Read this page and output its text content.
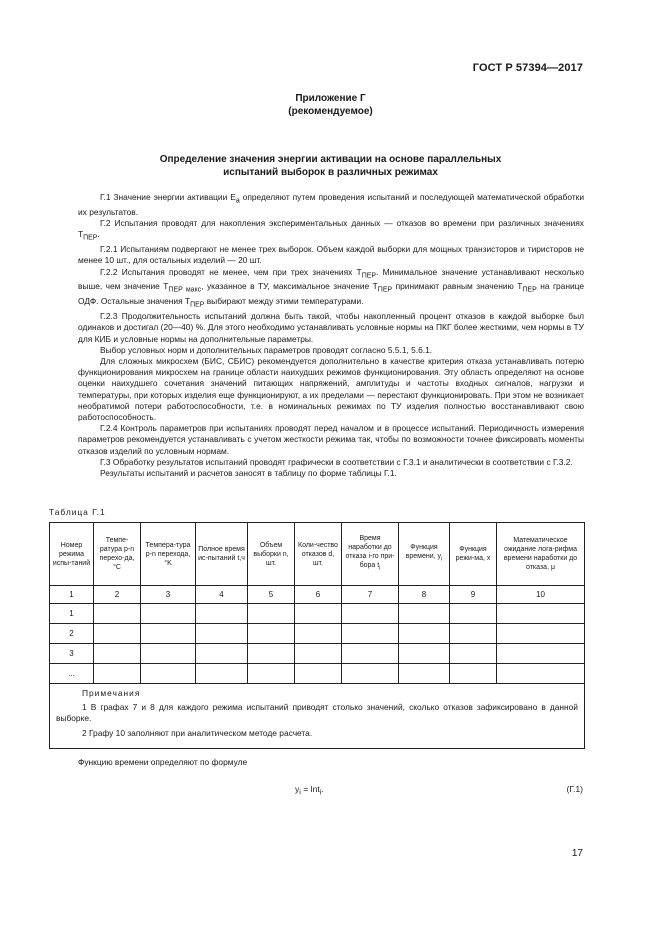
ГОСТ Р 57394—2017
Приложение Г
(рекомендуемое)
Определение значения энергии активации на основе параллельных
испытаний выборок в различных режимах

Г.1 Значение энергии активации $E_a$ определяют путем проведения испытаний и последующей математической обработки их результатов.

Г.2 Испытания проводят для накопления экспериментальных данных — отказов во времени при различных значениях $T_{ПЕР}$.

Г.2.1 Испытаниям подвергают не менее трех выборок. Объем каждой выборки для мощных транзисторов и тиристоров не менее 10 шт., для остальных изделий — 20 шт.

Г.2.2 Испытания проводят не менее, чем при трех значениях $T_{ПЕР}$. Минимальное значение устанавливают несколько выше, чем значение $T_{ПЕР макс}$, указанное в ТУ, максимальное значение $T_{ПЕР}$ принимают равным значению $T_{ПЕР}$ на границе ОДФ. Остальные значения $T_{ПЕР}$ выбирают между этими температурами.

Г.2.3 Продолжительность испытаний должна быть такой, чтобы накопленный процент отказов в каждой выборке был одинаков и достигал (20—40) %. Для этого необходимо устанавливать условные нормы на ПКГ более жесткими, чем нормы в ТУ для КИБ и условные нормы на дополнительные параметры.

Выбор условных норм и дополнительных параметров проводят согласно 5.5.1, 5.6.1.

Для сложных микросхем (БИС, СБИС) рекомендуется дополнительно в качестве критерия отказа устанавливать потерю функционирования микросхем на границе области наихудших режимов функционирования. Эту область определяют на основе оценки наихудшего сочетания значений питающих напряжений, амплитуды и частоты входных сигналов, нагрузки и температуры, при которых изделия еще функционируют, а их пределами — перестают функционировать. При этом не возникает необратимой потери работоспособности, т.е. в номинальных режимах по ТУ изделия полностью восстанавливают свою работоспособность.

Г.2.4 Контроль параметров при испытаниях проводят перед началом и в процессе испытаний. Периодичность измерения параметров рекомендуется устанавливать с учетом жесткости режима так, чтобы по возможности точнее фиксировать моменты отказов изделий по условным нормам.

Г.3 Обработку результатов испытаний проводят графически в соответствии с Г.3.1 и аналитически в соответствии с Г.3.2.

Результаты испытаний и расчетов заносят в таблицу по форме таблицы Г.1.

Таблица Г.1
Номер режима испы-таний	Темпе-ратура p-n перехо-да, °C	Темпера-тура p-n перехода, °K	Полное время ис-пытаний t,ч	Объем выборки n, шт.	Коли-чество отказов d, шт.	Время наработки до отказа i-го при-бора $t_i$	Функция времени, $y_i$	Функция режи-ма, x	Математическое ожидание лога-рифма времени наработки до отказа, μ
1	2	3	4	5	6	7	8	9	10
1									
2									
3									
...									

Примечания

1 В графах 7 и 8 для каждого режима испытаний приводят столько значений, сколько отказов зафиксировано в данной выборке.

2 Графу 10 заполняют при аналитическом методе расчета.									

Функцию времени определяют по формуле
$y_i = \ln t_i$.	(Г.1)
17
